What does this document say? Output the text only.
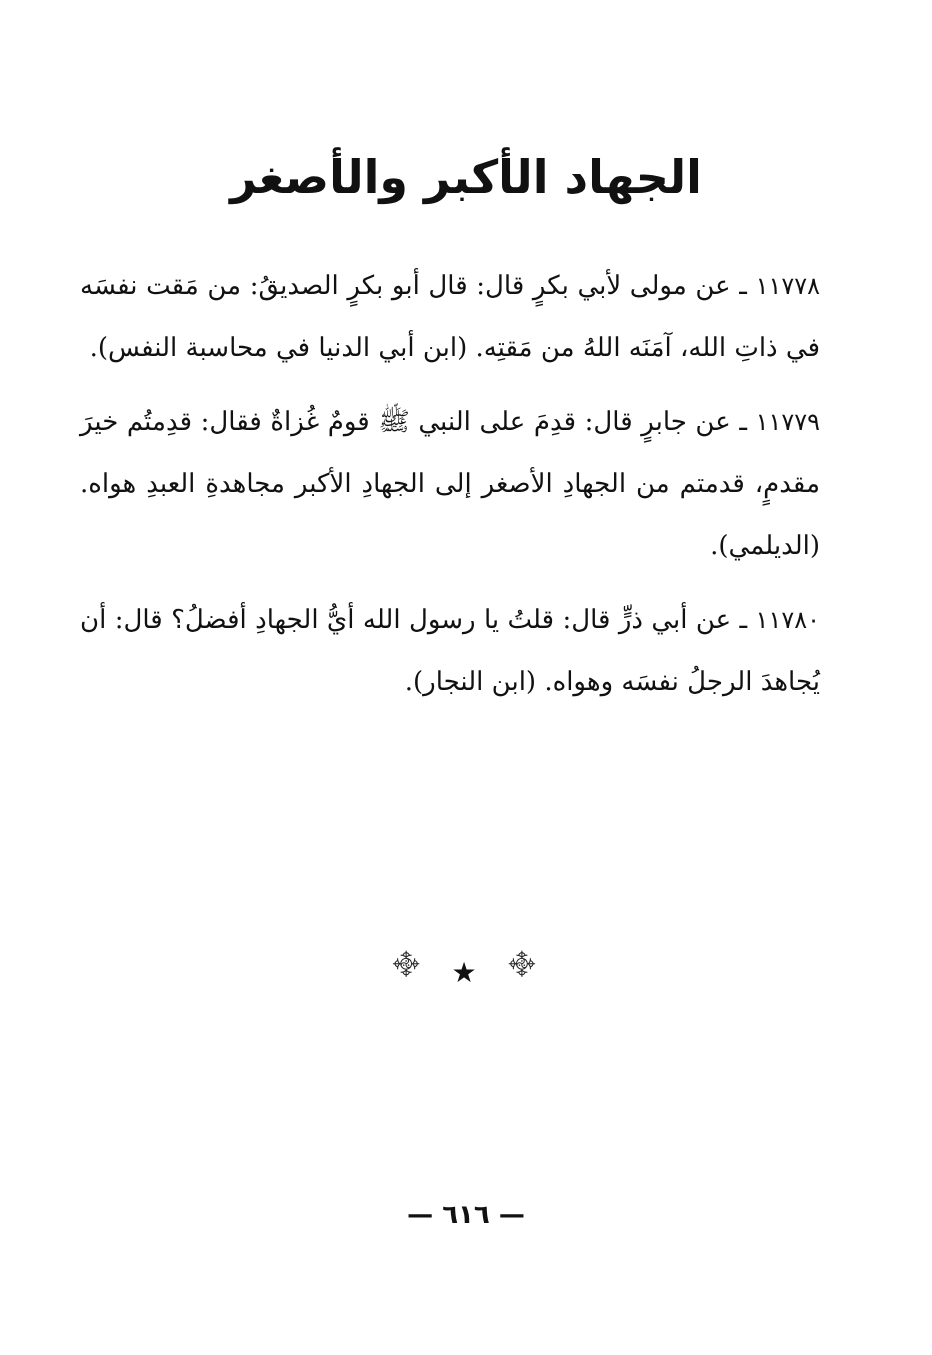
الجهاد الأكبر والأصغر

١١٧٧٨ ـ عن مولى لأبي بكرٍ قال: قال أبو بكرٍ الصديقُ: من مَقت نفسَه في ذاتِ الله، آمَنَه اللهُ من مَقتِه. (ابن أبي الدنيا في محاسبة النفس).

١١٧٧٩ ـ عن جابرٍ قال: قدِمَ على النبي ﷺ قومٌ غُزاةٌ فقال: قدِمتُم خيرَ مقدمٍ، قدمتم من الجهادِ الأصغر إلى الجهادِ الأكبر مجاهدةِ العبدِ هواه. (الديلمي).

١١٧٨٠ ـ عن أبي ذرٍّ قال: قلتُ يا رسول الله أيُّ الجهادِ أفضلُ؟ قال: أن يُجاهدَ الرجلُ نفسَه وهواه. (ابن النجار).

࿇ ★ ࿇
— ٦١٦ —
